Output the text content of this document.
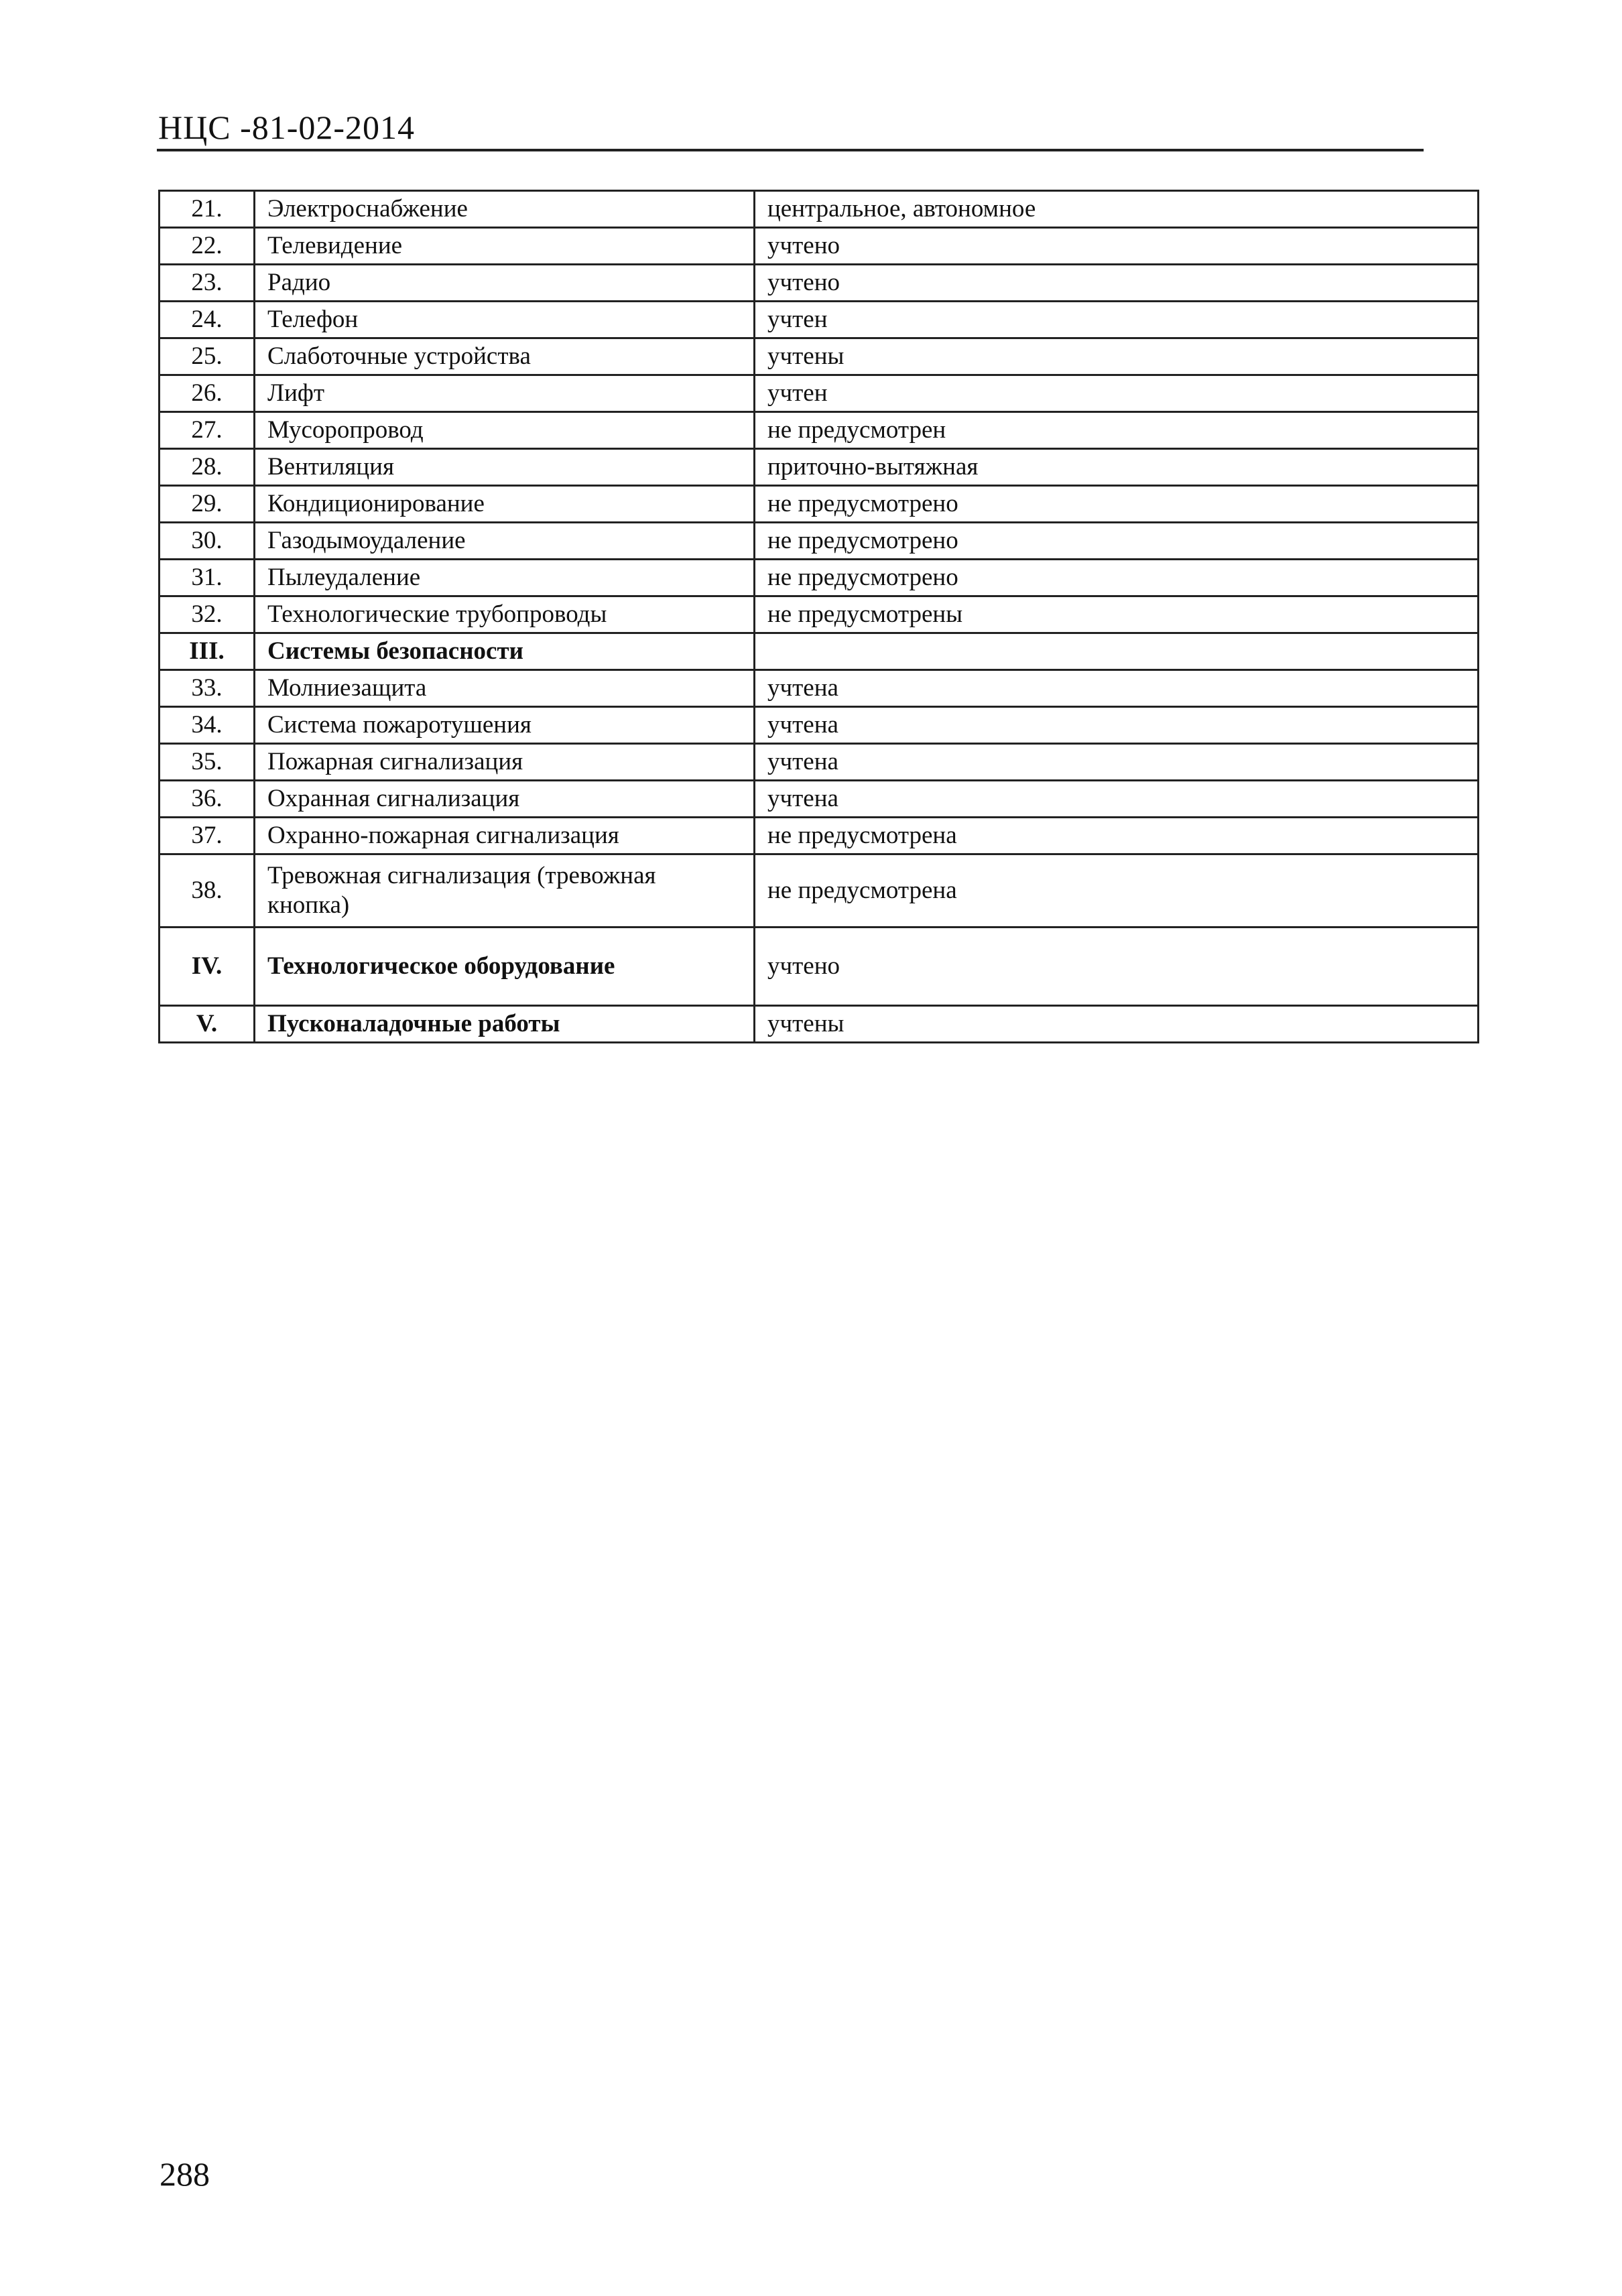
НЦС -81-02-2014
21.	Электроснабжение	центральное, автономное
22.	Телевидение	учтено
23.	Радио	учтено
24.	Телефон	учтен
25.	Слаботочные устройства	учтены
26.	Лифт	учтен
27.	Мусоропровод	не предусмотрен
28.	Вентиляция	приточно-вытяжная
29.	Кондиционирование	не предусмотрено
30.	Газодымоудаление	не предусмотрено
31.	Пылеудаление	не предусмотрено
32.	Технологические трубопроводы	не предусмотрены
III.	Системы безопасности	
33.	Молниезащита	учтена
34.	Система пожаротушения	учтена
35.	Пожарная сигнализация	учтена
36.	Охранная сигнализация	учтена
37.	Охранно-пожарная сигнализация	не предусмотрена
38.	Тревожная сигнализация (тревожная кнопка)	не предусмотрена
IV.	Технологическое оборудование	учтено
V.	Пусконаладочные работы	учтены
288
